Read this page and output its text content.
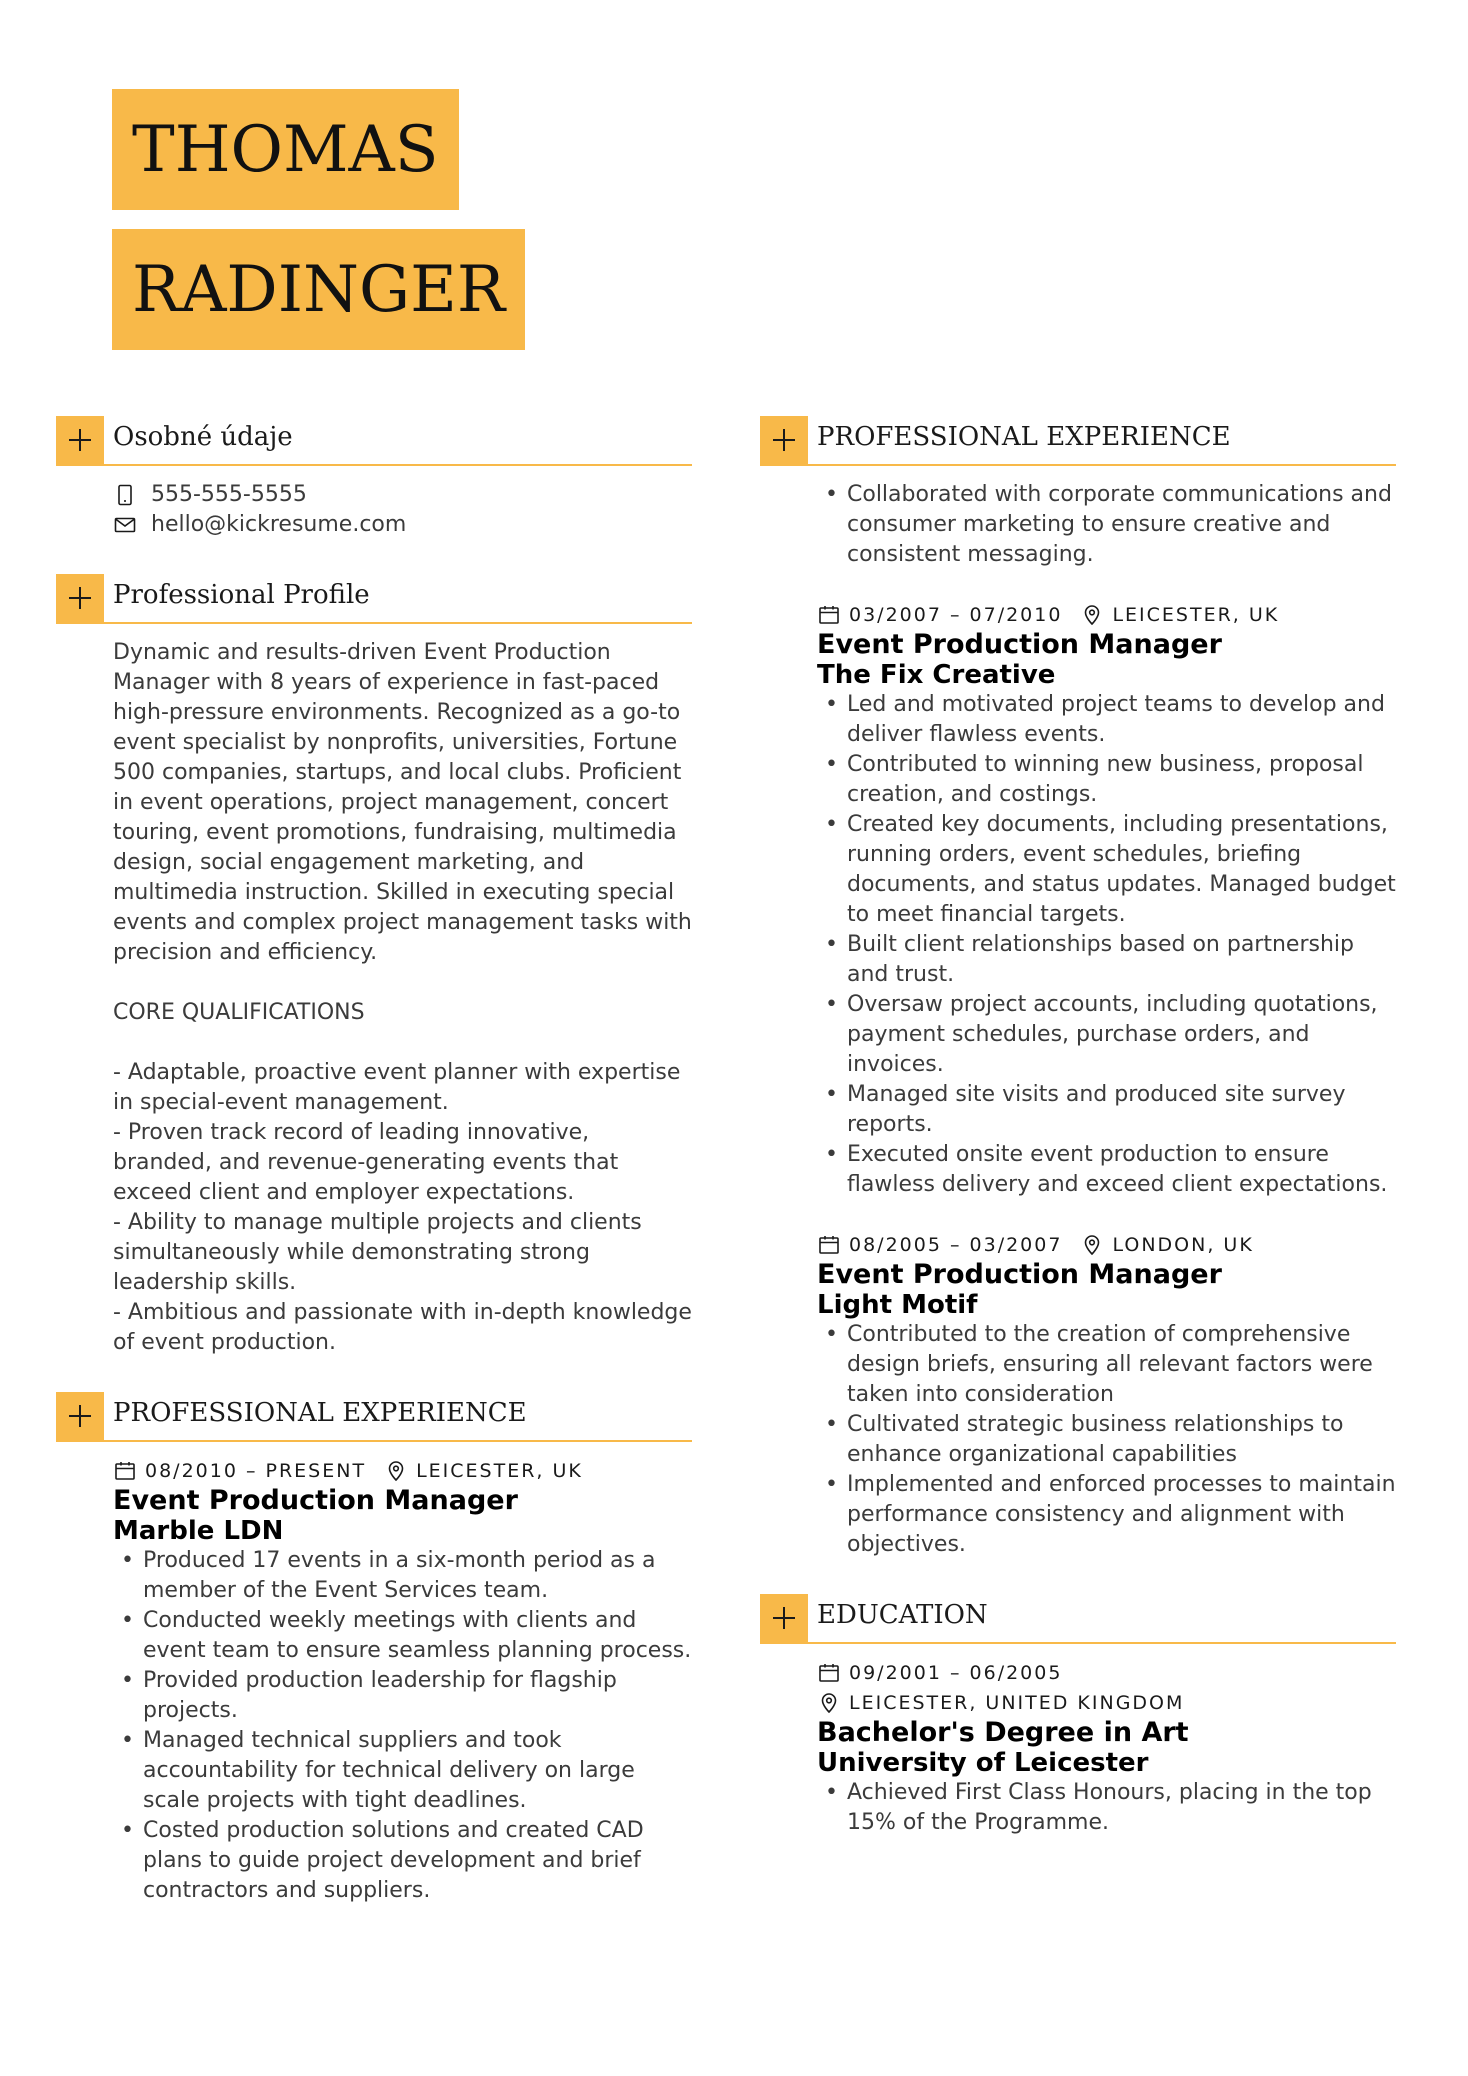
THOMAS
RADINGER
Osobné údaje
555-555-5555
hello@kickresume.com
Professional Profile

Dynamic and results-driven Event Production Manager with 8 years of experience in fast-paced high-pressure environments. Recognized as a go-to event specialist by nonprofits, universities, Fortune 500 companies, startups, and local clubs. Proficient in event operations, project management, concert touring, event promotions, fundraising, multimedia design, social engagement marketing, and multimedia instruction. Skilled in executing special events and complex project management tasks with precision and efficiency.

CORE QUALIFICATIONS

- Adaptable, proactive event planner with expertise in special-event management.

- Proven track record of leading innovative, branded, and revenue-generating events that exceed client and employer expectations.

- Ability to manage multiple projects and clients simultaneously while demonstrating strong leadership skills.

- Ambitious and passionate with in-depth knowledge of event production.

PROFESSIONAL EXPERIENCE
08/2010 – PRESENT	LEICESTER, UK
Event Production Manager
Marble LDN
• Produced 17 events in a six-month period as a member of the Event Services team.
• Conducted weekly meetings with clients and event team to ensure seamless planning process.
• Provided production leadership for flagship projects.
• Managed technical suppliers and took accountability for technical delivery on large scale projects with tight deadlines.
• Costed production solutions and created CAD plans to guide project development and brief contractors and suppliers.
PROFESSIONAL EXPERIENCE
• Collaborated with corporate communications and consumer marketing to ensure creative and consistent messaging.
03/2007 – 07/2010	LEICESTER, UK
Event Production Manager
The Fix Creative
• Led and motivated project teams to develop and deliver flawless events.
• Contributed to winning new business, proposal creation, and costings.
• Created key documents, including presentations, running orders, event schedules, briefing documents, and status updates. Managed budget to meet financial targets.
• Built client relationships based on partnership and trust.
• Oversaw project accounts, including quotations, payment schedules, purchase orders, and invoices.
• Managed site visits and produced site survey reports.
• Executed onsite event production to ensure flawless delivery and exceed client expectations.
08/2005 – 03/2007	LONDON, UK
Event Production Manager
Light Motif
• Contributed to the creation of comprehensive design briefs, ensuring all relevant factors were taken into consideration
• Cultivated strategic business relationships to enhance organizational capabilities
• Implemented and enforced processes to maintain performance consistency and alignment with objectives.
EDUCATION
09/2001 – 06/2005
LEICESTER, UNITED KINGDOM
Bachelor's Degree in Art
University of Leicester
• Achieved First Class Honours, placing in the top 15% of the Programme.
